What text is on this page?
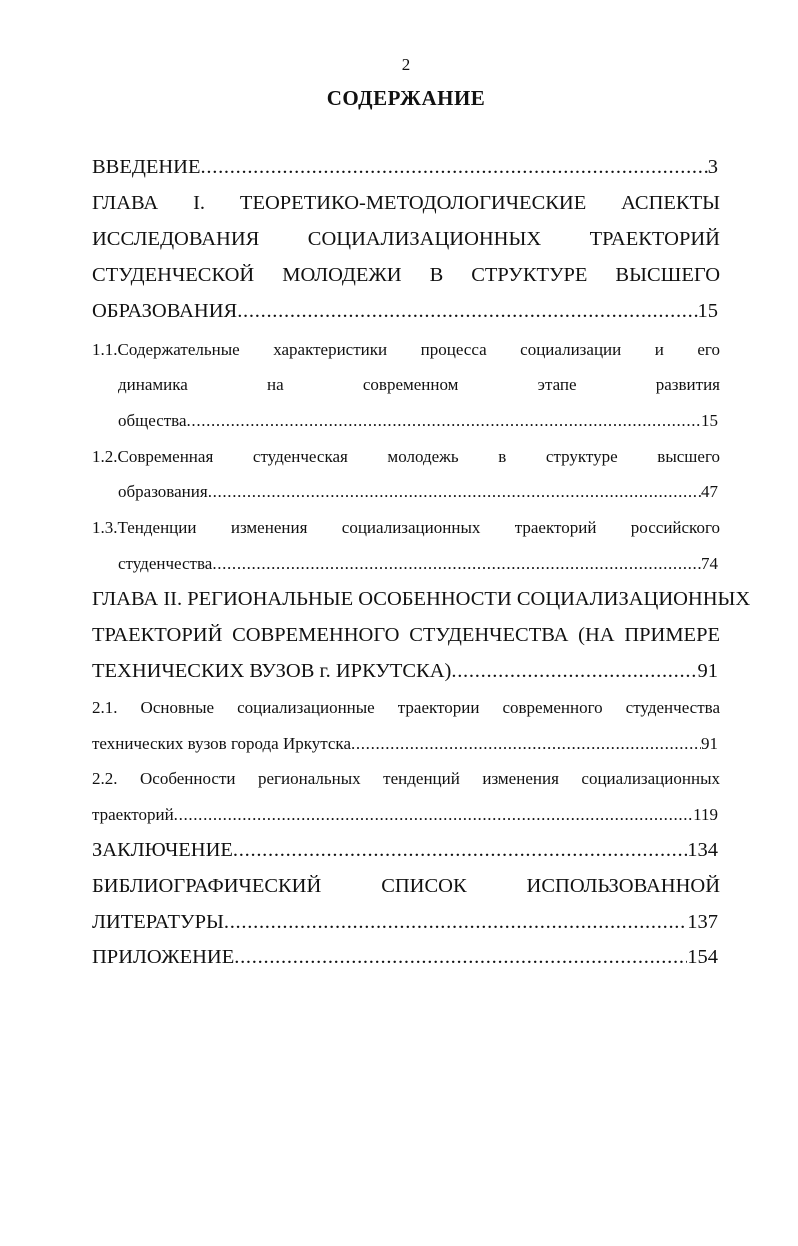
2
СОДЕРЖАНИЕ
ВВЕДЕНИЕ . . .	3
ГЛАВА I. ТЕОРЕТИКО-МЕТОДОЛОГИЧЕСКИЕ АСПЕКТЫ
ИССЛЕДОВАНИЯ СОЦИАЛИЗАЦИОННЫХ ТРАЕКТОРИЙ
СТУДЕНЧЕСКОЙ МОЛОДЕЖИ В СТРУКТУРЕ ВЫСШЕГО
ОБРАЗОВАНИЯ . . .	15
1.1.Содержательные характеристики процесса социализации и его
динамика на современном этапе развития
общества . . .	15
1.2.Современная студенческая молодежь в структуре высшего
образования . . .	47
1.3.Тенденции изменения социализационных траекторий российского
студенчества . . .	74
ГЛАВА II. РЕГИОНАЛЬНЫЕ ОСОБЕННОСТИ СОЦИАЛИЗАЦИОННЫХ
ТРАЕКТОРИЙ СОВРЕМЕННОГО СТУДЕНЧЕСТВА (НА ПРИМЕРЕ
ТЕХНИЧЕСКИХ ВУЗОВ г. ИРКУТСКА) . . .	91
2.1. Основные социализационные траектории современного студенчества
технических вузов города Иркутска . . .	91
2.2. Особенности региональных тенденций изменения социализационных
траекторий . . .	119
ЗАКЛЮЧЕНИЕ . . .	134
БИБЛИОГРАФИЧЕСКИЙ СПИСОК ИСПОЛЬЗОВАННОЙ
ЛИТЕРАТУРЫ . . .	137
ПРИЛОЖЕНИЕ . . .	154
